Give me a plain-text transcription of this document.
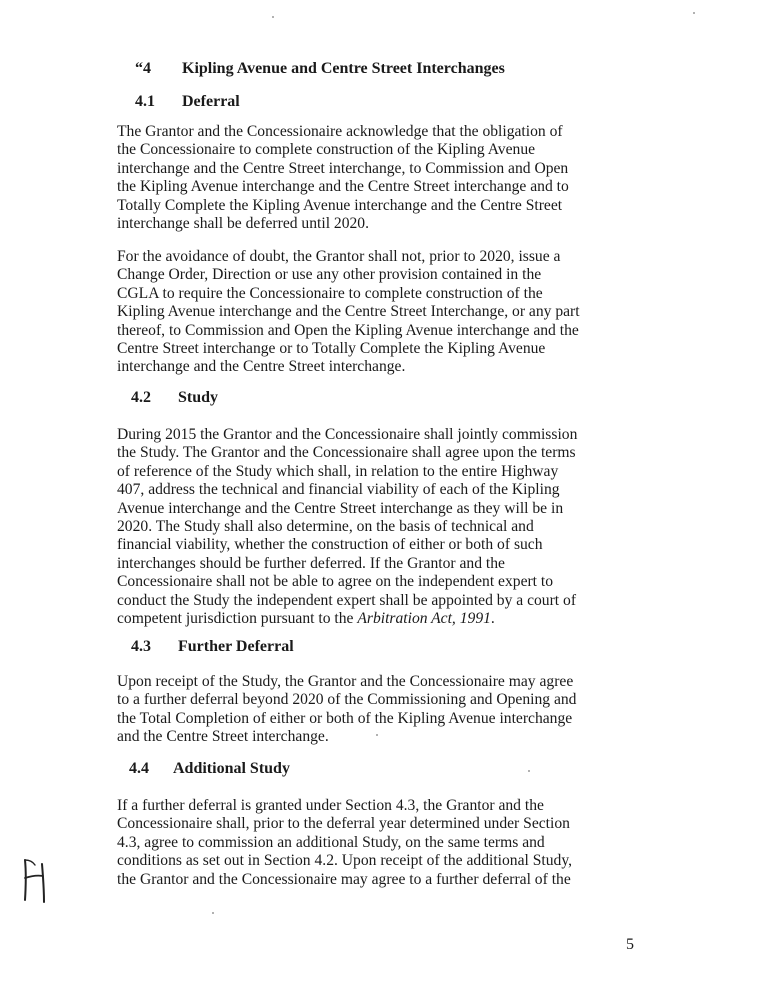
“4 Kipling Avenue and Centre Street Interchanges
4.1 Deferral
The Grantor and the Concessionaire acknowledge that the obligation of
the Concessionaire to complete construction of the Kipling Avenue
interchange and the Centre Street interchange, to Commission and Open
the Kipling Avenue interchange and the Centre Street interchange and to
Totally Complete the Kipling Avenue interchange and the Centre Street
interchange shall be deferred until 2020.
For the avoidance of doubt, the Grantor shall not, prior to 2020, issue a
Change Order, Direction or use any other provision contained in the
CGLA to require the Concessionaire to complete construction of the
Kipling Avenue interchange and the Centre Street Interchange, or any part
thereof, to Commission and Open the Kipling Avenue interchange and the
Centre Street interchange or to Totally Complete the Kipling Avenue
interchange and the Centre Street interchange.
4.2 Study
During 2015 the Grantor and the Concessionaire shall jointly commission
the Study. The Grantor and the Concessionaire shall agree upon the terms
of reference of the Study which shall, in relation to the entire Highway
407, address the technical and financial viability of each of the Kipling
Avenue interchange and the Centre Street interchange as they will be in
2020. The Study shall also determine, on the basis of technical and
financial viability, whether the construction of either or both of such
interchanges should be further deferred. If the Grantor and the
Concessionaire shall not be able to agree on the independent expert to
conduct the Study the independent expert shall be appointed by a court of
competent jurisdiction pursuant to the Arbitration Act, 1991.
4.3 Further Deferral
Upon receipt of the Study, the Grantor and the Concessionaire may agree
to a further deferral beyond 2020 of the Commissioning and Opening and
the Total Completion of either or both of the Kipling Avenue interchange
and the Centre Street interchange.
4.4 Additional Study
If a further deferral is granted under Section 4.3, the Grantor and the
Concessionaire shall, prior to the deferral year determined under Section
4.3, agree to commission an additional Study, on the same terms and
conditions as set out in Section 4.2. Upon receipt of the additional Study,
the Grantor and the Concessionaire may agree to a further deferral of the
5
